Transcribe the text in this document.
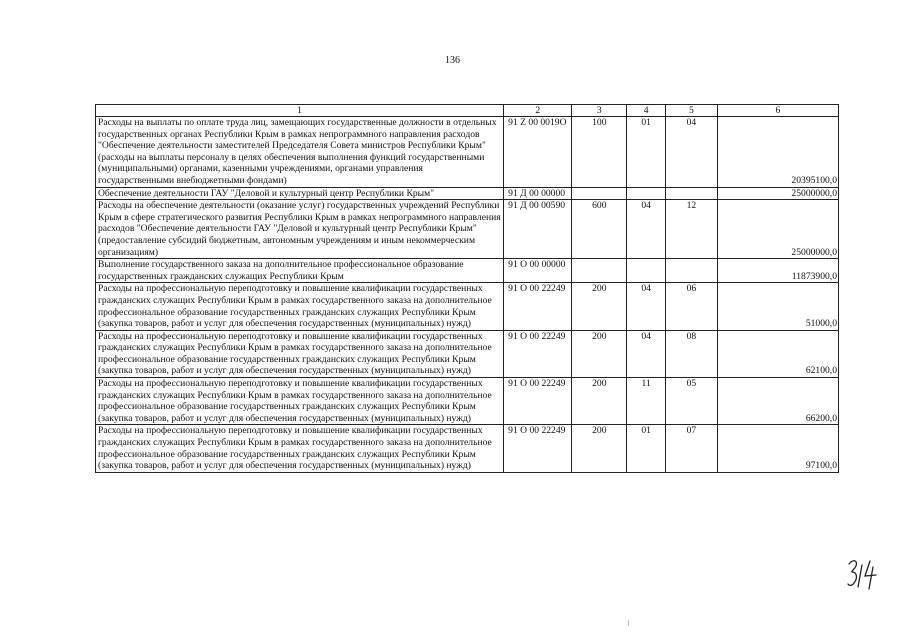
136
1	2	3	4	5	6
Расходы на выплаты по оплате труда лиц, замещающих государственные должности в отдельных государственных органах Республики Крым в рамках непрограммного направления расходов "Обеспечение деятельности заместителей Председателя Совета министров Республики Крым" (расходы на выплаты персоналу в целях обеспечения выполнения функций государственными (муниципальными) органами, казенными учреждениями, органами управления государственными внебюджетными фондами)	91 Z 00 0019О	100	01	04	20395100,0
Обеспечение деятельности ГАУ "Деловой и культурный центр Республики Крым"	91 Д 00 00000				25000000,0
Расходы на обеспечение деятельности (оказание услуг) государственных учреждений Республики Крым в сфере стратегического развития Республики Крым в рамках непрограммного направления расходов "Обеспечение деятельности ГАУ "Деловой и культурный центр Республики Крым" (предоставление субсидий бюджетным, автономным учреждениям и иным некоммерческим организациям)	91 Д 00 00590	600	04	12	25000000,0
Выполнение государственного заказа на дополнительное профессиональное образование государственных гражданских служащих Республики Крым	91 О 00 00000				11873900,0
Расходы на профессиональную переподготовку и повышение квалификации государственных гражданских служащих Республики Крым в рамках государственного заказа на дополнительное профессиональное образование государственных гражданских служащих Республики Крым (закупка товаров, работ и услуг для обеспечения государственных (муниципальных) нужд)	91 О 00 22249	200	04	06	51000,0
Расходы на профессиональную переподготовку и повышение квалификации государственных гражданских служащих Республики Крым в рамках государственного заказа на дополнительное профессиональное образование государственных гражданских служащих Республики Крым (закупка товаров, работ и услуг для обеспечения государственных (муниципальных) нужд)	91 О 00 22249	200	04	08	62100,0
Расходы на профессиональную переподготовку и повышение квалификации государственных гражданских служащих Республики Крым в рамках государственного заказа на дополнительное профессиональное образование государственных гражданских служащих Республики Крым (закупка товаров, работ и услуг для обеспечения государственных (муниципальных) нужд)	91 О 00 22249	200	11	05	66200,0
Расходы на профессиональную переподготовку и повышение квалификации государственных гражданских служащих Республики Крым в рамках государственного заказа на дополнительное профессиональное образование государственных гражданских служащих Республики Крым (закупка товаров, работ и услуг для обеспечения государственных (муниципальных) нужд)	91 О 00 22249	200	01	07	97100,0
